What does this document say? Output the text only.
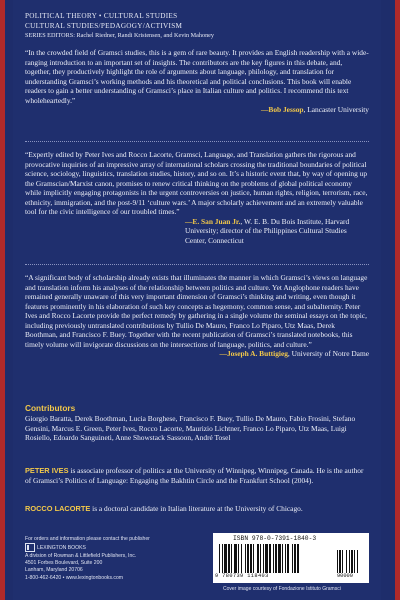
POLITICAL THEORY • CULTURAL STUDIES
CULTURAL STUDIES/PEDAGOGY/ACTIVISM
SERIES EDITORS: Rachel Riedner, Randi Kristensen, and Kevin Mahoney
“In the crowded field of Gramsci studies, this is a gem of rare beauty. It provides an English readership with a wide-ranging introduction to an important set of insights. The contributors are the key figures in this debate, and, together, they productively highlight the role of arguments about language, philology, and translation for understanding Gramsci’s working methods and his theoretical and political conclusions. This book will enable readers to gain a better understanding of Gramsci’s place in Italian culture and politics. I recommend this text wholeheartedly.”
—Bob Jessop, Lancaster University
“Expertly edited by Peter Ives and Rocco Lacorte, Gramsci, Language, and Translation gathers the rigorous and provocative inquiries of an impressive array of international scholars crossing the traditional boundaries of political science, sociology, linguistics, translation studies, history, and so on. It’s a historic event that, by way of opening up the Gramscian/Marxist canon, promises to renew critical thinking on the problems of global political economy while implicitly engaging protagonists in the urgent controversies on justice, human rights, religion, terrorism, race, ethnicity, immigration, and the post-9/11 ‘culture wars.’ A major scholarly achievement and an extremely valuable tool for the civic intelligence of our troubled times.”
—E. San Juan Jr., W. E. B. Du Bois Institute, Harvard University; director of the Philippines Cultural Studies Center, Connecticut
“A significant body of scholarship already exists that illuminates the manner in which Gramsci’s views on language and translation inform his analyses of the relationship between politics and culture. Yet Anglophone readers have remained generally unaware of this very important dimension of Gramsci’s thinking and writing, even though it features prominently in his elaboration of such key concepts as hegemony, common sense, and subalternity. Peter Ives and Rocco Lacorte provide the perfect remedy by gathering in a single volume the seminal essays on the topic, including previously untranslated contributions by Tullio De Mauro, Franco Lo Piparo, Utz Maas, Derek Boothman, and Francisco F. Buey. Together with the recent publication of Gramsci’s translated notebooks, this timely volume will invigorate discussions on the intersections of language, politics, and culture.”
—Joseph A. Buttigieg, University of Notre Dame
Contributors
Giorgio Baratta, Derek Boothman, Lucia Borghese, Francisco F. Buey, Tullio De Mauro, Fabio Frosini, Stefano Gensini, Marcus E. Green, Peter Ives, Rocco Lacorte, Maurizio Lichtner, Franco Lo Piparo, Utz Maas, Luigi Rosiello, Edoardo Sanguineti, Anne Showstack Sassoon, André Tosel
PETER IVES is associate professor of politics at the University of Winnipeg, Winnipeg, Canada. He is the author of Gramsci’s Politics of Language: Engaging the Bakhtin Circle and the Frankfurt School (2004).
ROCCO LACORTE is a doctoral candidate in Italian literature at the University of Chicago.
For orders and information please contact the publisher
LEXINGTON BOOKS
A division of Rowman & Littlefield Publishers, Inc.
4501 Forbes Boulevard, Suite 200
Lanham, Maryland 20706
1-800-462-6420 • www.lexingtonbooks.com
ISBN 978-0-7391-1840-3
9 780739 118403	90000
Cover image courtesy of Fondazione Istituto Gramsci
